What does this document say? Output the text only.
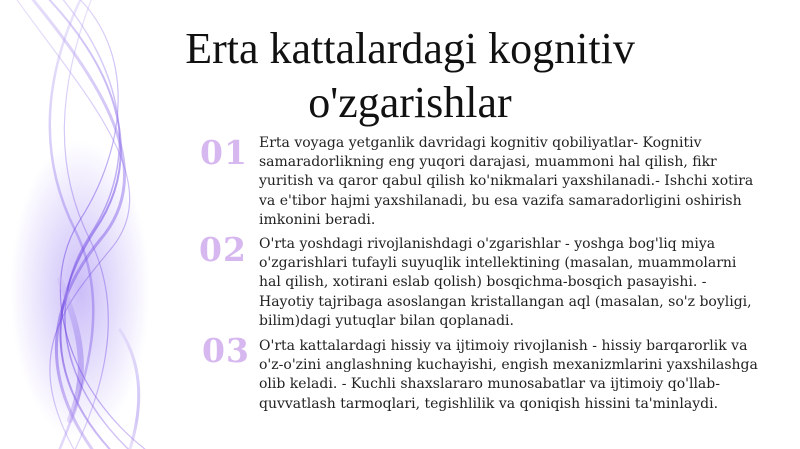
Erta kattalardagi kognitiv o'zgarishlar
01 Erta voyaga yetganlik davridagi kognitiv qobiliyatlar- Kognitiv samaradorlikning eng yuqori darajasi, muammoni hal qilish, fikr yuritish va qaror qabul qilish ko'nikmalari yaxshilanadi.- Ishchi xotira va e'tibor hajmi yaxshilanadi, bu esa vazifa samaradorligini oshirish imkonini beradi.
02 O'rta yoshdagi rivojlanishdagi o'zgarishlar - yoshga bog'liq miya o'zgarishlari tufayli suyuqlik intellektining (masalan, muammolarni hal qilish, xotirani eslab qolish) bosqichma-bosqich pasayishi. - Hayotiy tajribaga asoslangan kristallangan aql (masalan, so'z boyligi, bilim)dagi yutuqlar bilan qoplanadi.
03 O'rta kattalardagi hissiy va ijtimoiy rivojlanish - hissiy barqarorlik va o'z-o'zini anglashning kuchayishi, engish mexanizmlarini yaxshilashga olib keladi. - Kuchli shaxslararo munosabatlar va ijtimoiy qo'llab-quvvatlash tarmoqlari, tegishlilik va qoniqish hissini ta'minlaydi.
